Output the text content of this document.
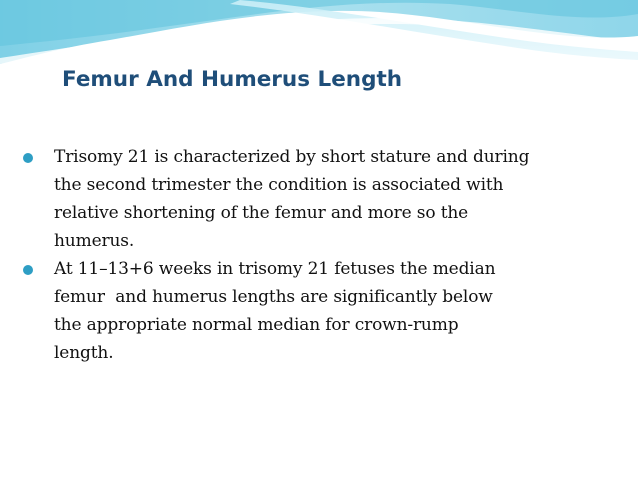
Femur And Humerus Length
Trisomy 21 is characterized by short stature and during
the second trimester the condition is associated with
relative shortening of the femur and more so the
humerus.
At 11–13+6 weeks in trisomy 21 fetuses the median
femur  and humerus lengths are significantly below
the appropriate normal median for crown-rump
length.
